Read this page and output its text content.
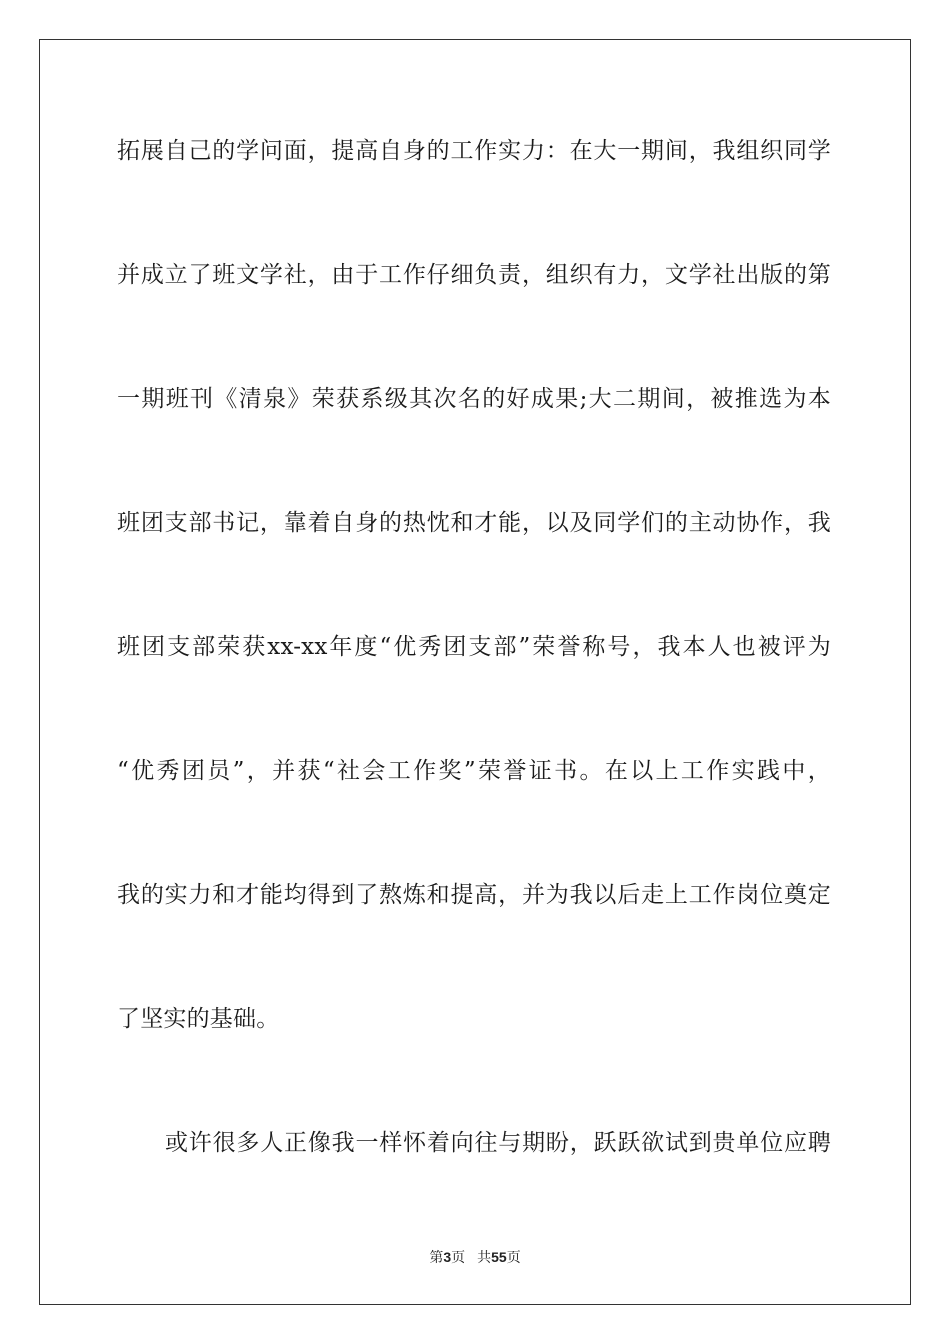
拓展自己的学问面，提高自身的工作实力：在大一期间，我组织同学
并成立了班文学社，由于工作仔细负责，组织有力，文学社出版的第
一期班刊《清泉》荣获系级其次名的好成果;大二期间，被推选为本
班团支部书记，靠着自身的热忱和才能，以及同学们的主动协作，我
班团支部荣获xx-xx年度“优秀团支部”荣誉称号，我本人也被评为
“优秀团员”，并获“社会工作奖”荣誉证书。在以上工作实践中，
我的实力和才能均得到了熬炼和提高，并为我以后走上工作岗位奠定
了坚实的基础。
或许很多人正像我一样怀着向往与期盼，跃跃欲试到贵单位应聘
第3页 共55页
